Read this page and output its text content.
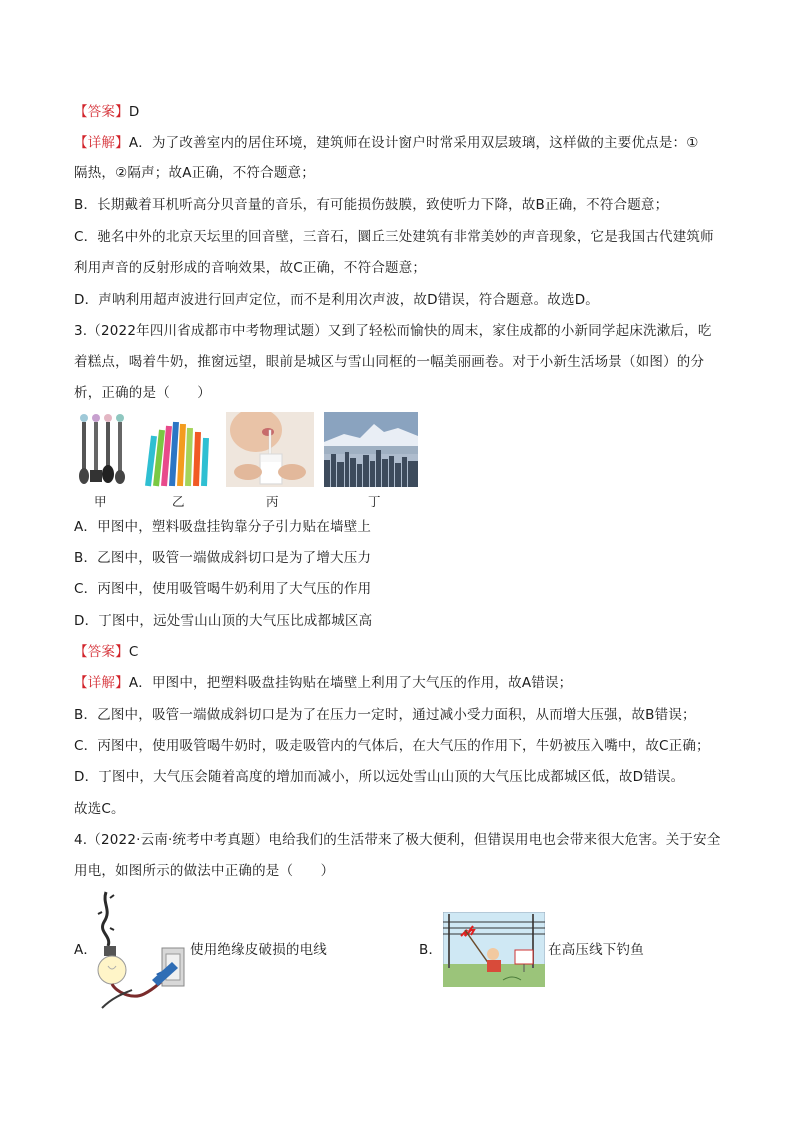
【答案】D
【详解】A．为了改善室内的居住环境，建筑师在设计窗户时常采用双层玻璃，这样做的主要优点是：①
隔热，②隔声；故A正确，不符合题意；
B．长期戴着耳机听高分贝音量的音乐，有可能损伤鼓膜，致使听力下降，故B正确，不符合题意；
C．驰名中外的北京天坛里的回音壁，三音石，圜丘三处建筑有非常美妙的声音现象，它是我国古代建筑师
利用声音的反射形成的音响效果，故C正确，不符合题意；
D．声呐利用超声波进行回声定位，而不是利用次声波，故D错误，符合题意。故选D。
3.（2022年四川省成都市中考物理试题）又到了轻松而愉快的周末，家住成都的小新同学起床洗漱后，吃
着糕点，喝着牛奶，推窗远望，眼前是城区与雪山同框的一幅美丽画卷。对于小新生活场景（如图）的分
析，正确的是（　　）
甲	乙	丙	丁
A．甲图中，塑料吸盘挂钩靠分子引力贴在墙壁上
B．乙图中，吸管一端做成斜切口是为了增大压力
C．丙图中，使用吸管喝牛奶利用了大气压的作用
D．丁图中，远处雪山山顶的大气压比成都城区高
【答案】C
【详解】A．甲图中，把塑料吸盘挂钩贴在墙壁上利用了大气压的作用，故A错误；
B．乙图中，吸管一端做成斜切口是为了在压力一定时，通过减小受力面积，从而增大压强，故B错误；
C．丙图中，使用吸管喝牛奶时，吸走吸管内的气体后，在大气压的作用下，牛奶被压入嘴中，故C正确；
D．丁图中，大气压会随着高度的增加而减小，所以远处雪山山顶的大气压比成都城区低，故D错误。
故选C。
4.（2022·云南·统考中考真题）电给我们的生活带来了极大便利，但错误用电也会带来很大危害。关于安全
用电，如图所示的做法中正确的是（　　）
A．	使用绝缘皮破损的电线	B．	在高压线下钓鱼
